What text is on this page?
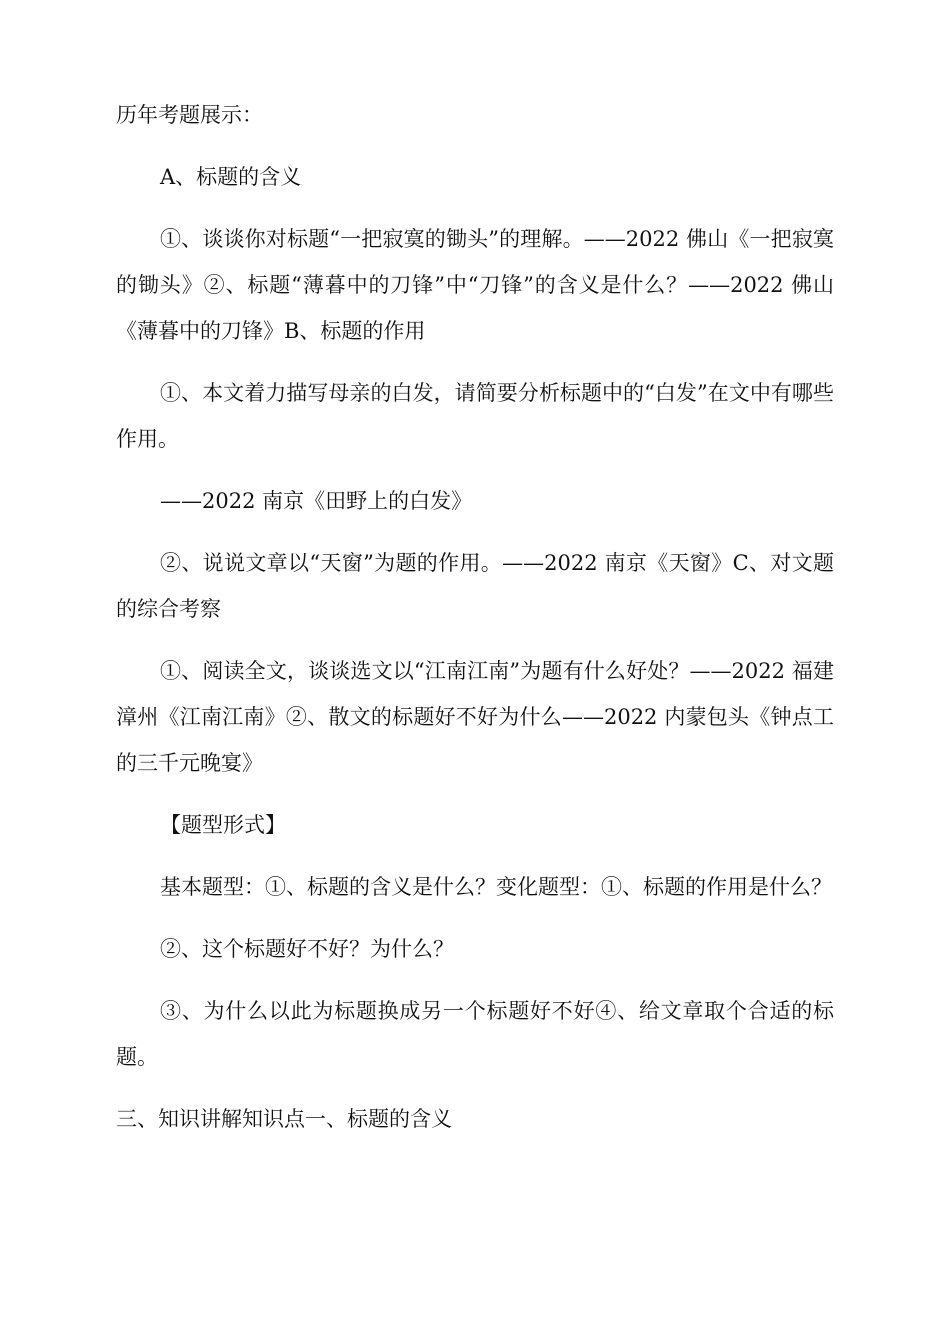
历年考题展示：

A、标题的含义

①、谈谈你对标题“一把寂寞的锄头”的理解。——2022 佛山《一把寂寞的锄头》②、标题“薄暮中的刀锋”中“刀锋”的含义是什么？——2022 佛山《薄暮中的刀锋》B、标题的作用

①、本文着力描写母亲的白发，请简要分析标题中的“白发”在文中有哪些作用。

——2022 南京《田野上的白发》

②、说说文章以“天窗”为题的作用。——2022 南京《天窗》C、对文题的综合考察

①、阅读全文，谈谈选文以“江南江南”为题有什么好处？——2022 福建漳州《江南江南》②、散文的标题好不好为什么——2022 内蒙包头《钟点工的三千元晚宴》

【题型形式】

基本题型：①、标题的含义是什么？变化题型：①、标题的作用是什么？

②、这个标题好不好？为什么？

③、为什么以此为标题换成另一个标题好不好④、给文章取个合适的标题。

三、知识讲解知识点一、标题的含义
